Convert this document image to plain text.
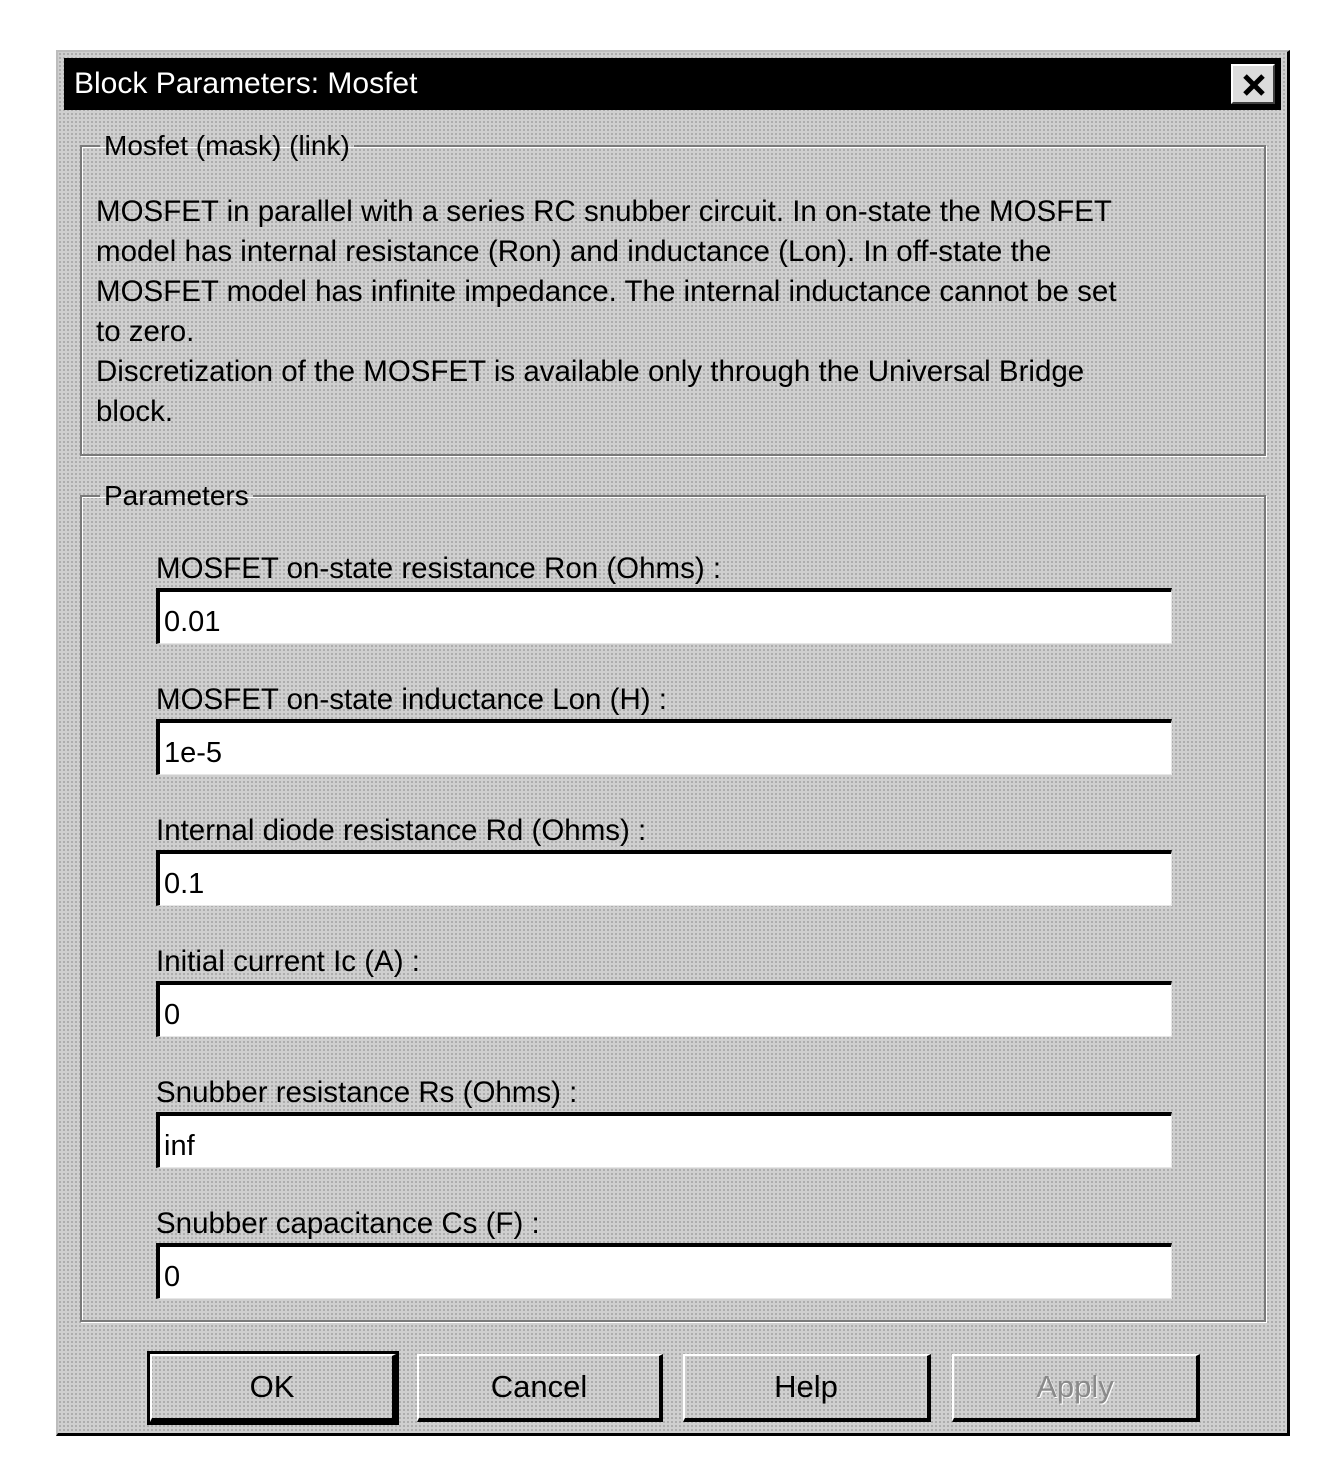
Block Parameters: Mosfet
Mosfet (mask) (link)

MOSFET in parallel with a series RC snubber circuit. In on-state the MOSFET

model has internal resistance (Ron) and inductance (Lon). In off-state the

MOSFET model has infinite impedance. The internal inductance cannot be set

to zero.

Discretization of the MOSFET is available only through the Universal Bridge

block.

Parameters
MOSFET on-state resistance Ron (Ohms) :
0.01
MOSFET on-state inductance Lon (H) :
1e-5
Internal diode resistance Rd (Ohms) :
0.1
Initial current Ic (A) :
0
Snubber resistance Rs (Ohms) :
inf
Snubber capacitance Cs (F) :
0
OK	Cancel	Help	Apply
